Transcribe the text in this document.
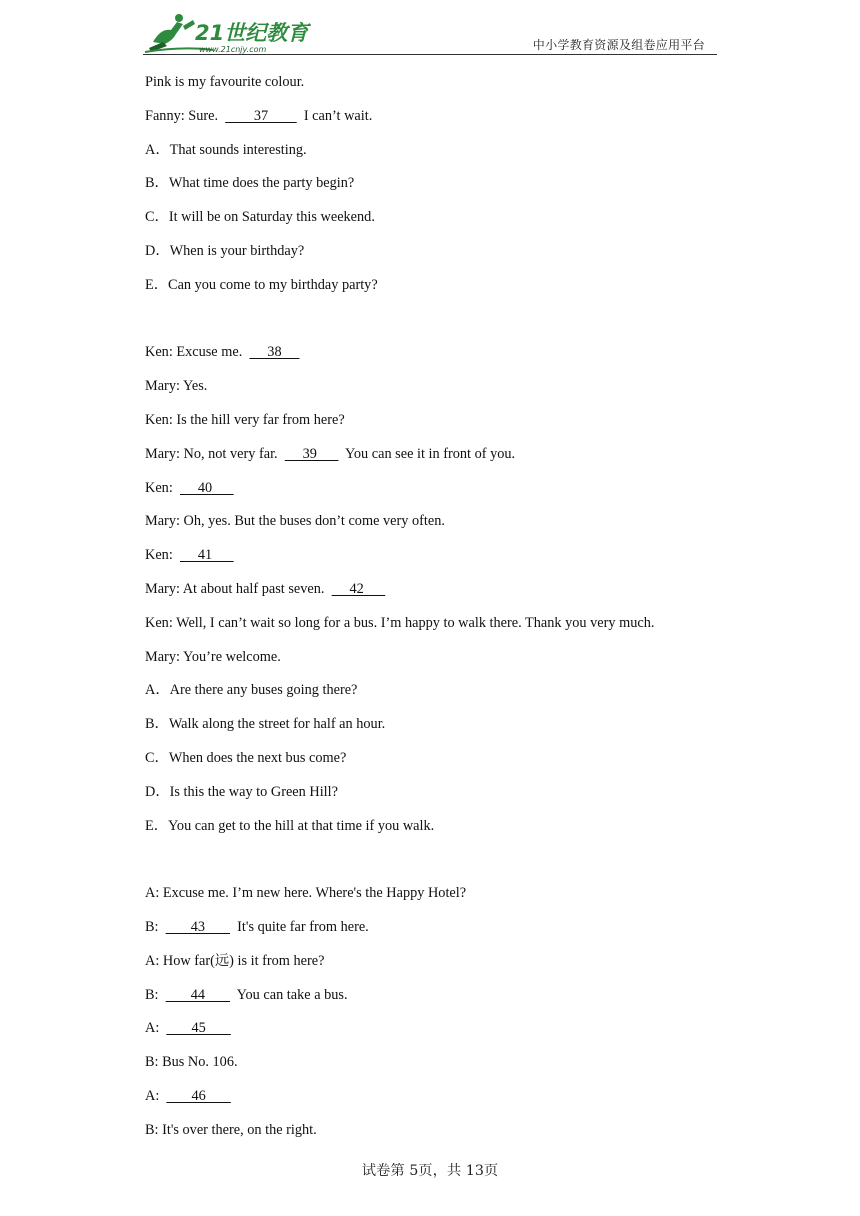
21世纪教育
www.21cnjy.com	中小学教育资源及组卷应用平台
Pink is my favourite colour.
Fanny: Sure.          37          I can’t wait.
A．That sounds interesting.
B．What time does the party begin?
C．It will be on Saturday this weekend.
D．When is your birthday?
E．Can you come to my birthday party?
Ken: Excuse me.       38
Mary: Yes.
Ken: Is the hill very far from here?
Mary: No, not very far.       39        You can see it in front of you.
Ken:       40
Mary: Oh, yes. But the buses don’t come very often.
Ken:       41
Mary: At about half past seven.       42
Ken: Well, I can’t wait so long for a bus. I’m happy to walk there. Thank you very much.
Mary: You’re welcome.
A．Are there any buses going there?
B．Walk along the street for half an hour.
C．When does the next bus come?
D．Is this the way to Green Hill?
E．You can get to the hill at that time if you walk.
A: Excuse me. I’m new here. Where's the Happy Hotel?
B:         43         It's quite far from here.
A: How far(远) is it from here?
B:         44         You can take a bus.
A:         45
B: Bus No. 106.
A:         46
B: It's over there, on the right.
试卷第 5页，共 13页
